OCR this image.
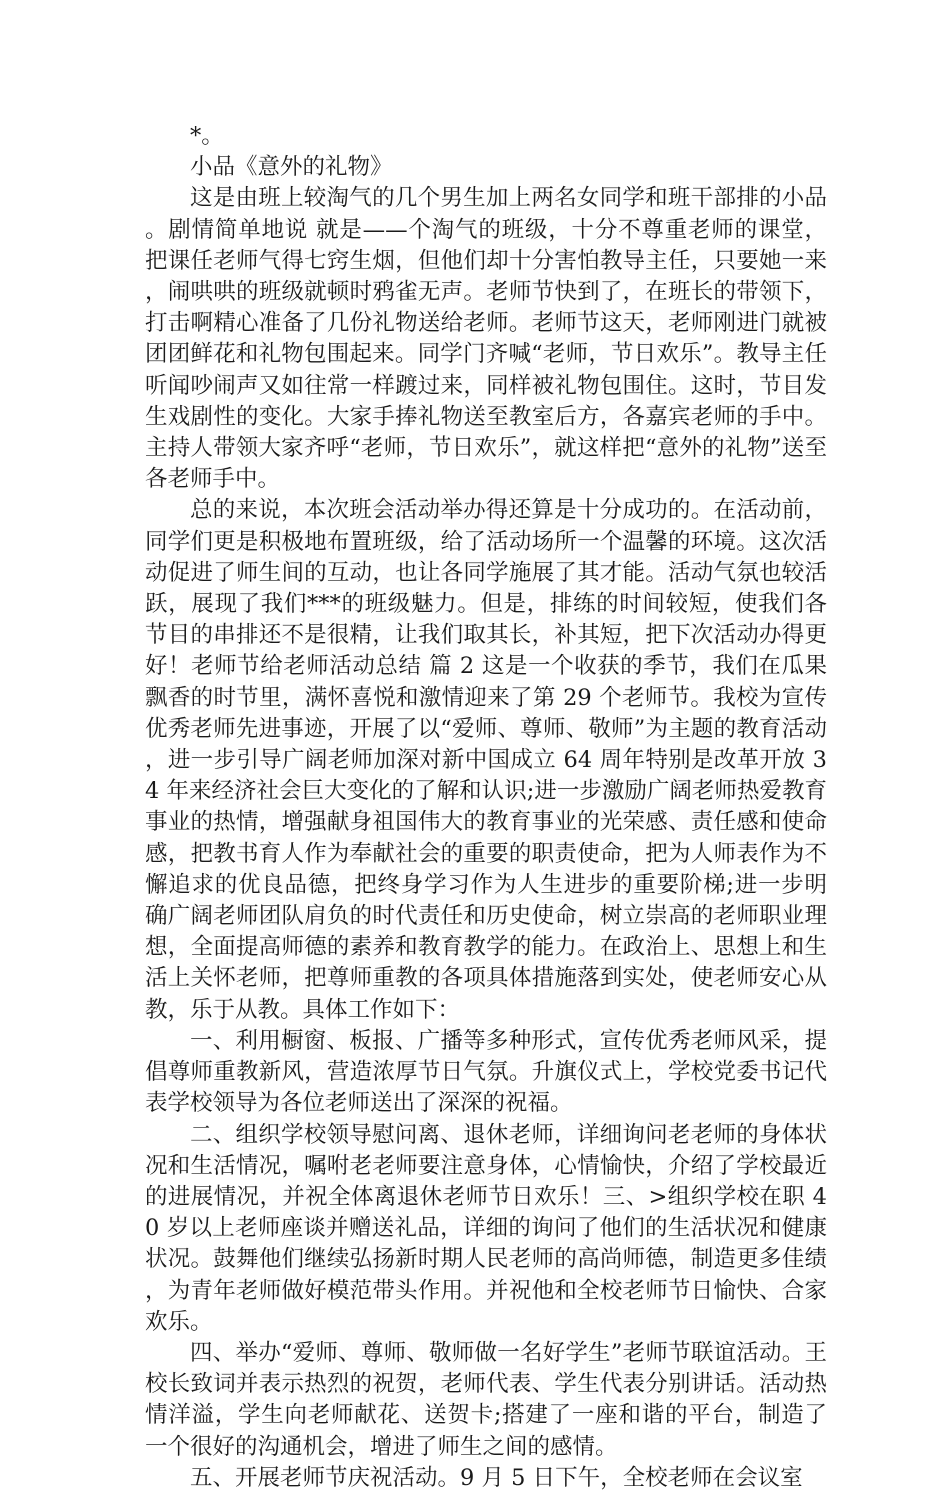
*。

小品《意外的礼物》

这是由班上较淘气的几个男生加上两名女同学和班干部排的小品。剧情简单地说 就是——个淘气的班级，十分不尊重老师的课堂，把课任老师气得七窍生烟，但他们却十分害怕教导主任，只要她一来，闹哄哄的班级就顿时鸦雀无声。老师节快到了，在班长的带领下，打击啊精心准备了几份礼物送给老师。老师节这天，老师刚进门就被团团鲜花和礼物包围起来。同学门齐喊“老师，节日欢乐”。教导主任听闻吵闹声又如往常一样踱过来，同样被礼物包围住。这时，节目发生戏剧性的变化。大家手捧礼物送至教室后方，各嘉宾老师的手中。主持人带领大家齐呼“老师，节日欢乐”，就这样把“意外的礼物”送至各老师手中。

总的来说，本次班会活动举办得还算是十分成功的。在活动前，同学们更是积极地布置班级，给了活动场所一个温馨的环境。这次活动促进了师生间的互动，也让各同学施展了其才能。活动气氛也较活跃，展现了我们***的班级魅力。但是，排练的时间较短，使我们各节目的串排还不是很精，让我们取其长，补其短，把下次活动办得更好！老师节给老师活动总结 篇 2 这是一个收获的季节，我们在瓜果飘香的时节里，满怀喜悦和激情迎来了第 29 个老师节。我校为宣传优秀老师先进事迹，开展了以“爱师、尊师、敬师”为主题的教育活动，进一步引导广阔老师加深对新中国成立 64 周年特别是改革开放 34 年来经济社会巨大变化的了解和认识;进一步激励广阔老师热爱教育事业的热情，增强献身祖国伟大的教育事业的光荣感、责任感和使命感，把教书育人作为奉献社会的重要的职责使命，把为人师表作为不懈追求的优良品德，把终身学习作为人生进步的重要阶梯;进一步明确广阔老师团队肩负的时代责任和历史使命，树立崇高的老师职业理想，全面提高师德的素养和教育教学的能力。在政治上、思想上和生活上关怀老师，把尊师重教的各项具体措施落到实处，使老师安心从教，乐于从教。具体工作如下：

一、利用橱窗、板报、广播等多种形式，宣传优秀老师风采，提倡尊师重教新风，营造浓厚节日气氛。升旗仪式上，学校党委书记代表学校领导为各位老师送出了深深的祝福。

二、组织学校领导慰问离、退休老师，详细询问老老师的身体状况和生活情况，嘱咐老老师要注意身体，心情愉快，介绍了学校最近的进展情况，并祝全体离退休老师节日欢乐！三、>组织学校在职 40 岁以上老师座谈并赠送礼品，详细的询问了他们的生活状况和健康状况。鼓舞他们继续弘扬新时期人民老师的高尚师德，制造更多佳绩，为青年老师做好模范带头作用。并祝他和全校老师节日愉快、合家欢乐。

四、举办“爱师、尊师、敬师做一名好学生”老师节联谊活动。王校长致词并表示热烈的祝贺，老师代表、学生代表分别讲话。活动热情洋溢，学生向老师献花、送贺卡;搭建了一座和谐的平台，制造了一个很好的沟通机会，增进了师生之间的感情。

五、开展老师节庆祝活动。9 月 5 日下午，全校老师在会议室
